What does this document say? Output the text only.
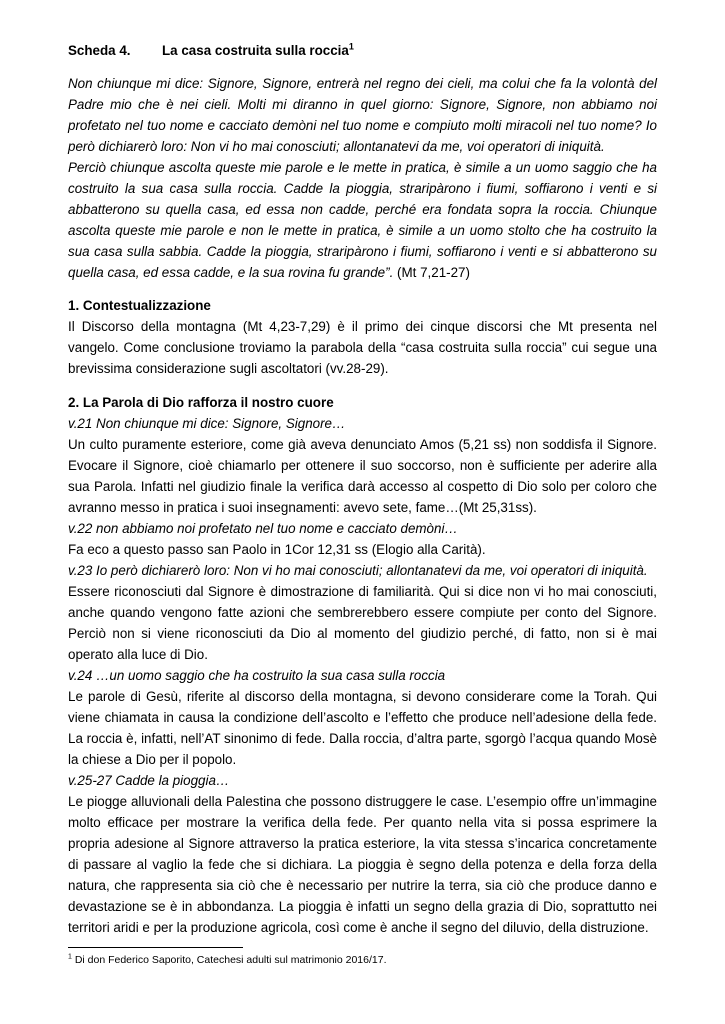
Scheda 4. La casa costruita sulla roccia$^1$

Non chiunque mi dice: Signore, Signore, entrerà nel regno dei cieli, ma colui che fa la volontà del Padre mio che è nei cieli. Molti mi diranno in quel giorno: Signore, Signore, non abbiamo noi profetato nel tuo nome e cacciato demòni nel tuo nome e compiuto molti miracoli nel tuo nome? Io però dichiarerò loro: Non vi ho mai conosciuti; allontanatevi da me, voi operatori di iniquità.

Perciò chiunque ascolta queste mie parole e le mette in pratica, è simile a un uomo saggio che ha costruito la sua casa sulla roccia. Cadde la pioggia, straripàrono i fiumi, soffiarono i venti e si abbatterono su quella casa, ed essa non cadde, perché era fondata sopra la roccia. Chiunque ascolta queste mie parole e non le mette in pratica, è simile a un uomo stolto che ha costruito la sua casa sulla sabbia. Cadde la pioggia, straripàrono i fiumi, soffiarono i venti e si abbatterono su quella casa, ed essa cadde, e la sua rovina fu grande”. (Mt 7,21-27)

1. Contestualizzazione

Il Discorso della montagna (Mt 4,23-7,29) è il primo dei cinque discorsi che Mt presenta nel vangelo. Come conclusione troviamo la parabola della “casa costruita sulla roccia” cui segue una brevissima considerazione sugli ascoltatori (vv.28-29).

2. La Parola di Dio rafforza il nostro cuore

v.21 Non chiunque mi dice: Signore, Signore…

Un culto puramente esteriore, come già aveva denunciato Amos (5,21 ss) non soddisfa il Signore. Evocare il Signore, cioè chiamarlo per ottenere il suo soccorso, non è sufficiente per aderire alla sua Parola. Infatti nel giudizio finale la verifica darà accesso al cospetto di Dio solo per coloro che avranno messo in pratica i suoi insegnamenti: avevo sete, fame…(Mt 25,31ss).

v.22 non abbiamo noi profetato nel tuo nome e cacciato demòni…

Fa eco a questo passo san Paolo in 1Cor 12,31 ss (Elogio alla Carità).

v.23 Io però dichiarerò loro: Non vi ho mai conosciuti; allontanatevi da me, voi operatori di iniquità.

Essere riconosciuti dal Signore è dimostrazione di familiarità. Qui si dice non vi ho mai conosciuti, anche quando vengono fatte azioni che sembrerebbero essere compiute per conto del Signore. Perciò non si viene riconosciuti da Dio al momento del giudizio perché, di fatto, non si è mai operato alla luce di Dio.

v.24 …un uomo saggio che ha costruito la sua casa sulla roccia

Le parole di Gesù, riferite al discorso della montagna, si devono considerare come la Torah. Qui viene chiamata in causa la condizione dell’ascolto e l’effetto che produce nell’adesione della fede. La roccia è, infatti, nell’AT sinonimo di fede. Dalla roccia, d’altra parte, sgorgò l’acqua quando Mosè la chiese a Dio per il popolo.

v.25-27 Cadde la pioggia…

Le piogge alluvionali della Palestina che possono distruggere le case. L’esempio offre un’immagine molto efficace per mostrare la verifica della fede. Per quanto nella vita si possa esprimere la propria adesione al Signore attraverso la pratica esteriore, la vita stessa s’incarica concretamente di passare al vaglio la fede che si dichiara. La pioggia è segno della potenza e della forza della natura, che rappresenta sia ciò che è necessario per nutrire la terra, sia ciò che produce danno e devastazione se è in abbondanza. La pioggia è infatti un segno della grazia di Dio, soprattutto nei territori aridi e per la produzione agricola, così come è anche il segno del diluvio, della distruzione.

$^1$ Di don Federico Saporito, Catechesi adulti sul matrimonio 2016/17.
